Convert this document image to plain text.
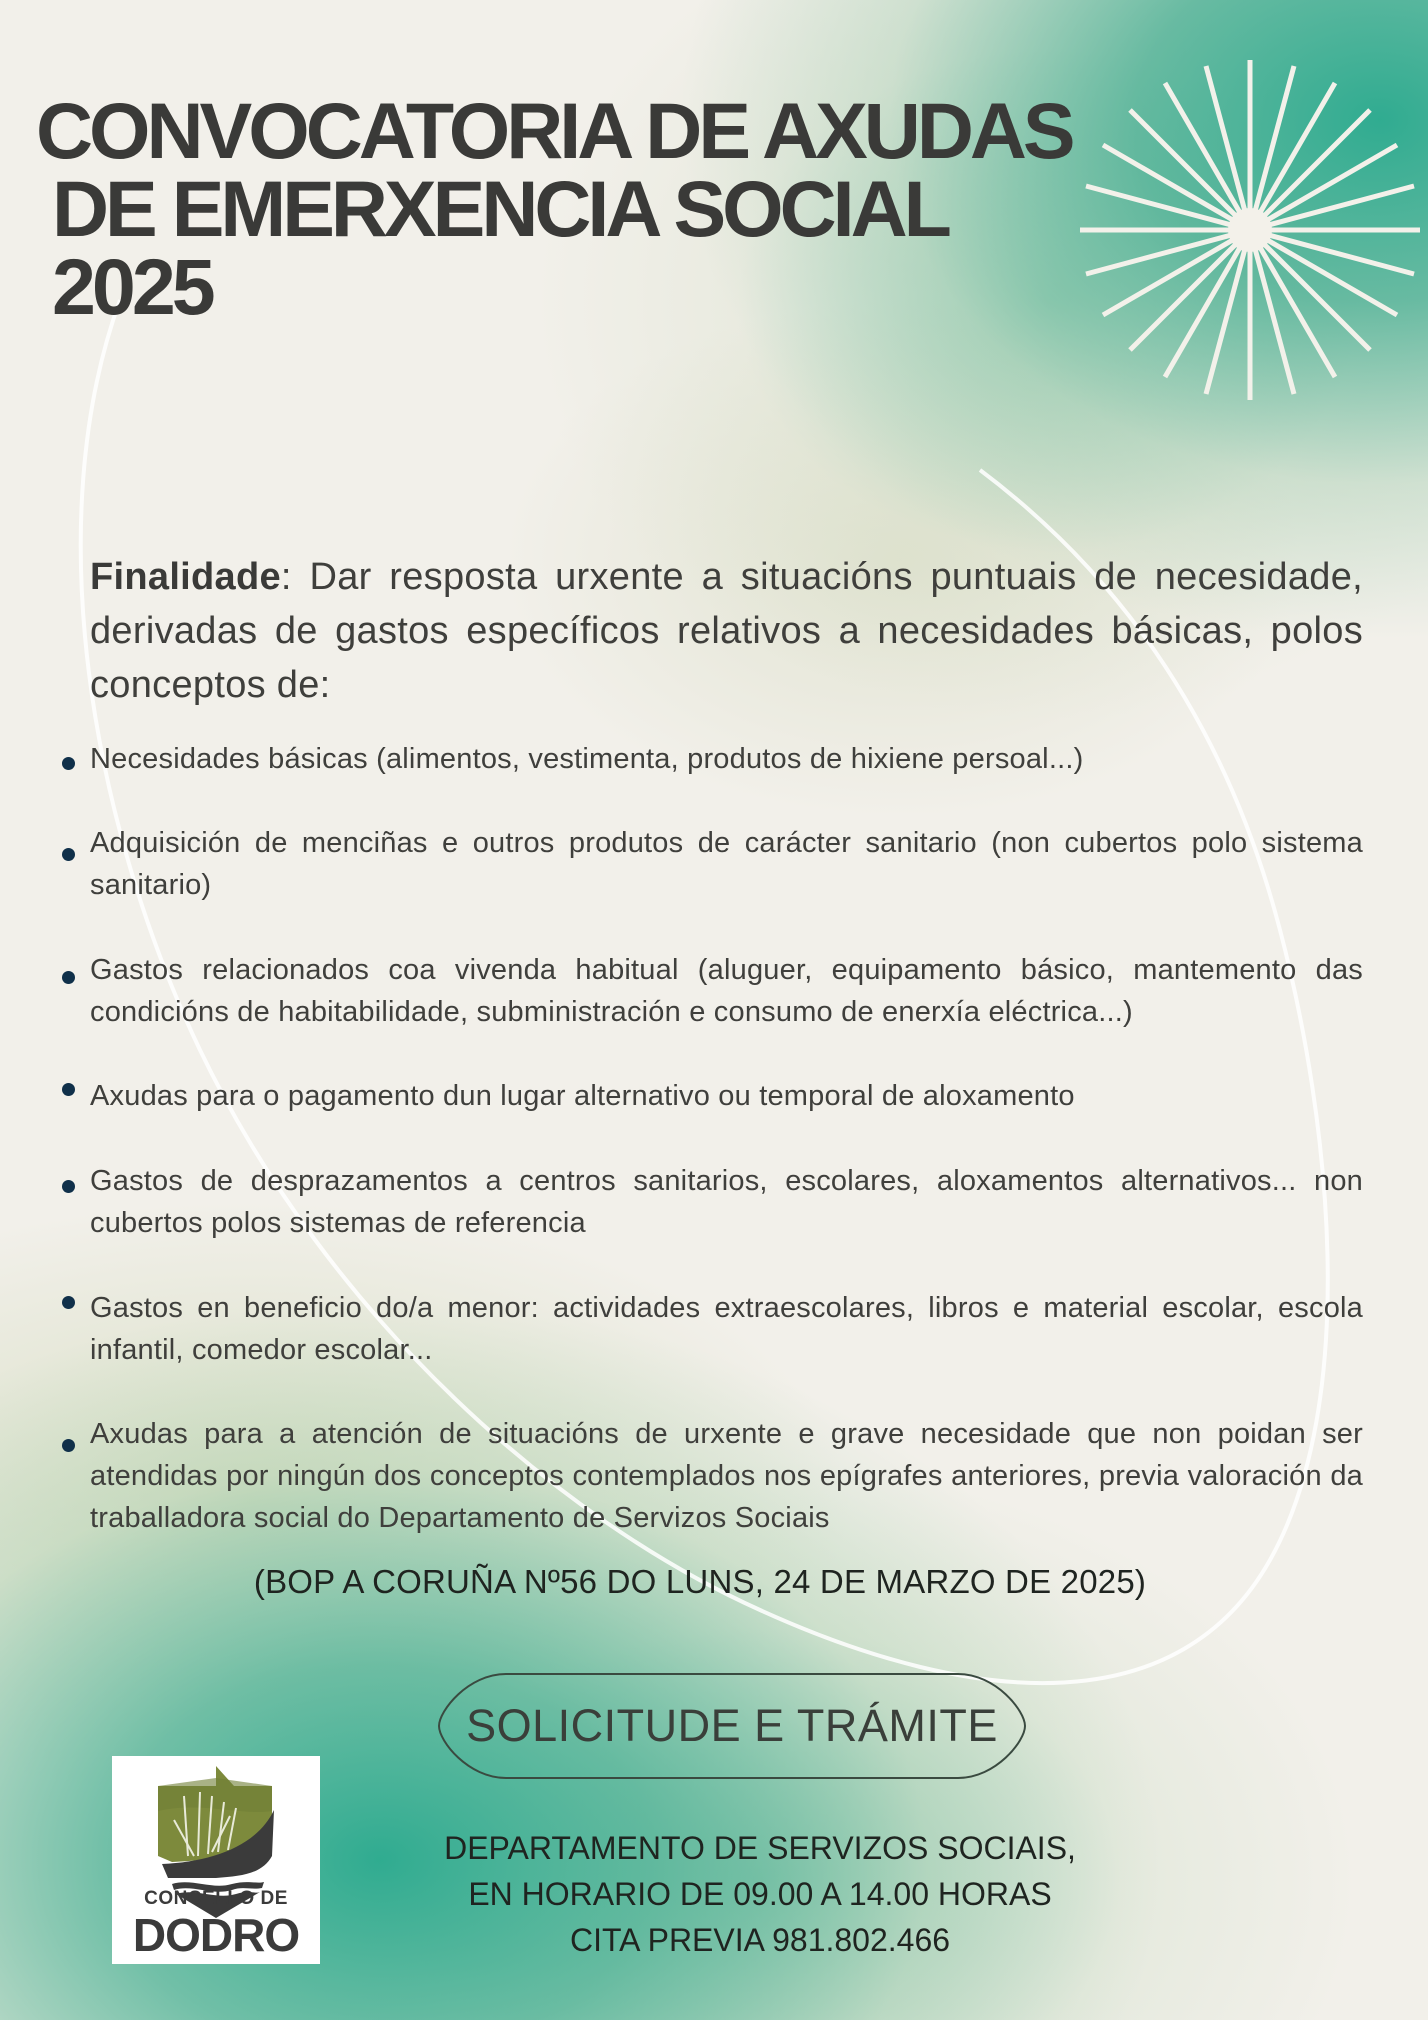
CONVOCATORIA DE AXUDAS
DE EMERXENCIA SOCIAL
2025

Finalidade: Dar resposta urxente a situacións puntuais de necesidade, derivadas de gastos específicos relativos a necesidades básicas, polos conceptos de:

Necesidades básicas (alimentos, vestimenta, produtos de hixiene persoal...)
Adquisición de menciñas e outros produtos de carácter sanitario (non cubertos polo sistema sanitario)
Gastos relacionados coa vivenda habitual (aluguer, equipamento básico, mantemento das condicións de habitabilidade, subministración e consumo de enerxía eléctrica...)
Axudas para o pagamento dun lugar alternativo ou temporal de aloxamento
Gastos de desprazamentos a centros sanitarios, escolares, aloxamentos alternativos... non cubertos polos sistemas de referencia
Gastos en beneficio do/a menor: actividades extraescolares, libros e material escolar, escola infantil, comedor escolar...
Axudas para a atención de situacións de urxente e grave necesidade que non poidan ser atendidas por ningún dos conceptos contemplados nos epígrafes anteriores, previa valoración da traballadora social do Departamento de Servizos Sociais
(BOP A CORUÑA Nº56 DO LUNS, 24 DE MARZO DE 2025)
SOLICITUDE E TRÁMITE
DEPARTAMENTO DE SERVIZOS SOCIAIS,
EN HORARIO DE 09.00 A 14.00 HORAS
CITA PREVIA 981.802.466
CONCELLO DE
DODRO
